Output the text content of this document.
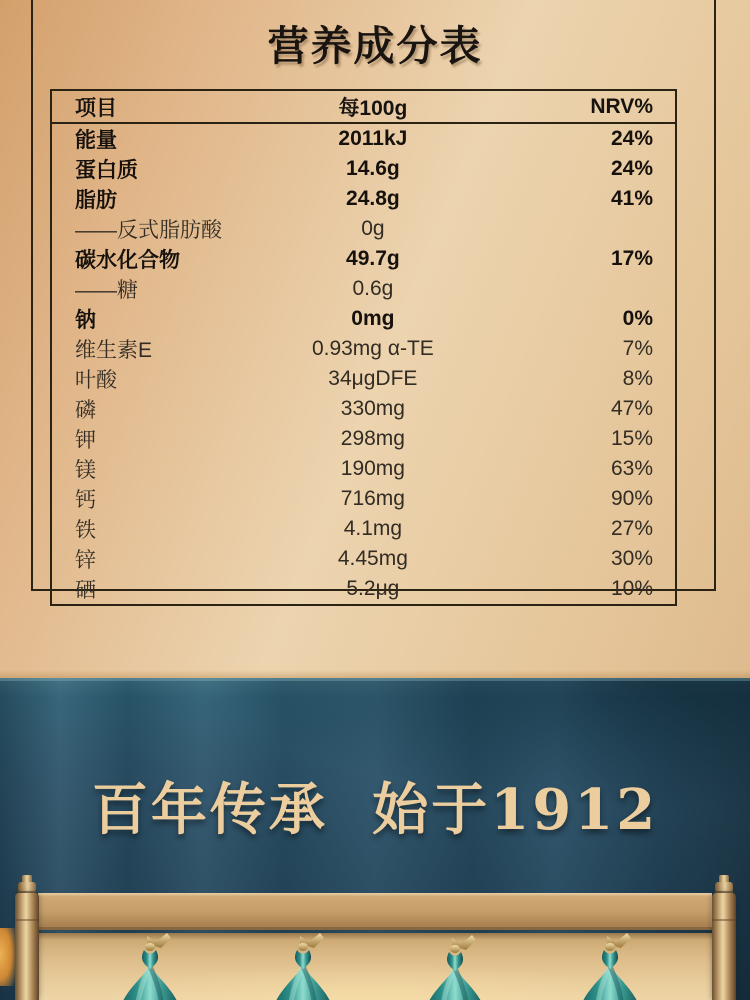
营养成分表
项目	每100g	NRV%
能量	2011kJ	24%
蛋白质	14.6g	24%
脂肪	24.8g	41%
——反式脂肪酸	0g	
碳水化合物	49.7g	17%
——糖	0.6g	
钠	0mg	0%
维生素E	0.93mg α-TE	7%
叶酸	34μgDFE	8%
磷	330mg	47%
钾	298mg	15%
镁	190mg	63%
钙	716mg	90%
铁	4.1mg	27%
锌	4.45mg	30%
硒	5.2μg	10%
百年传承 始于1912
